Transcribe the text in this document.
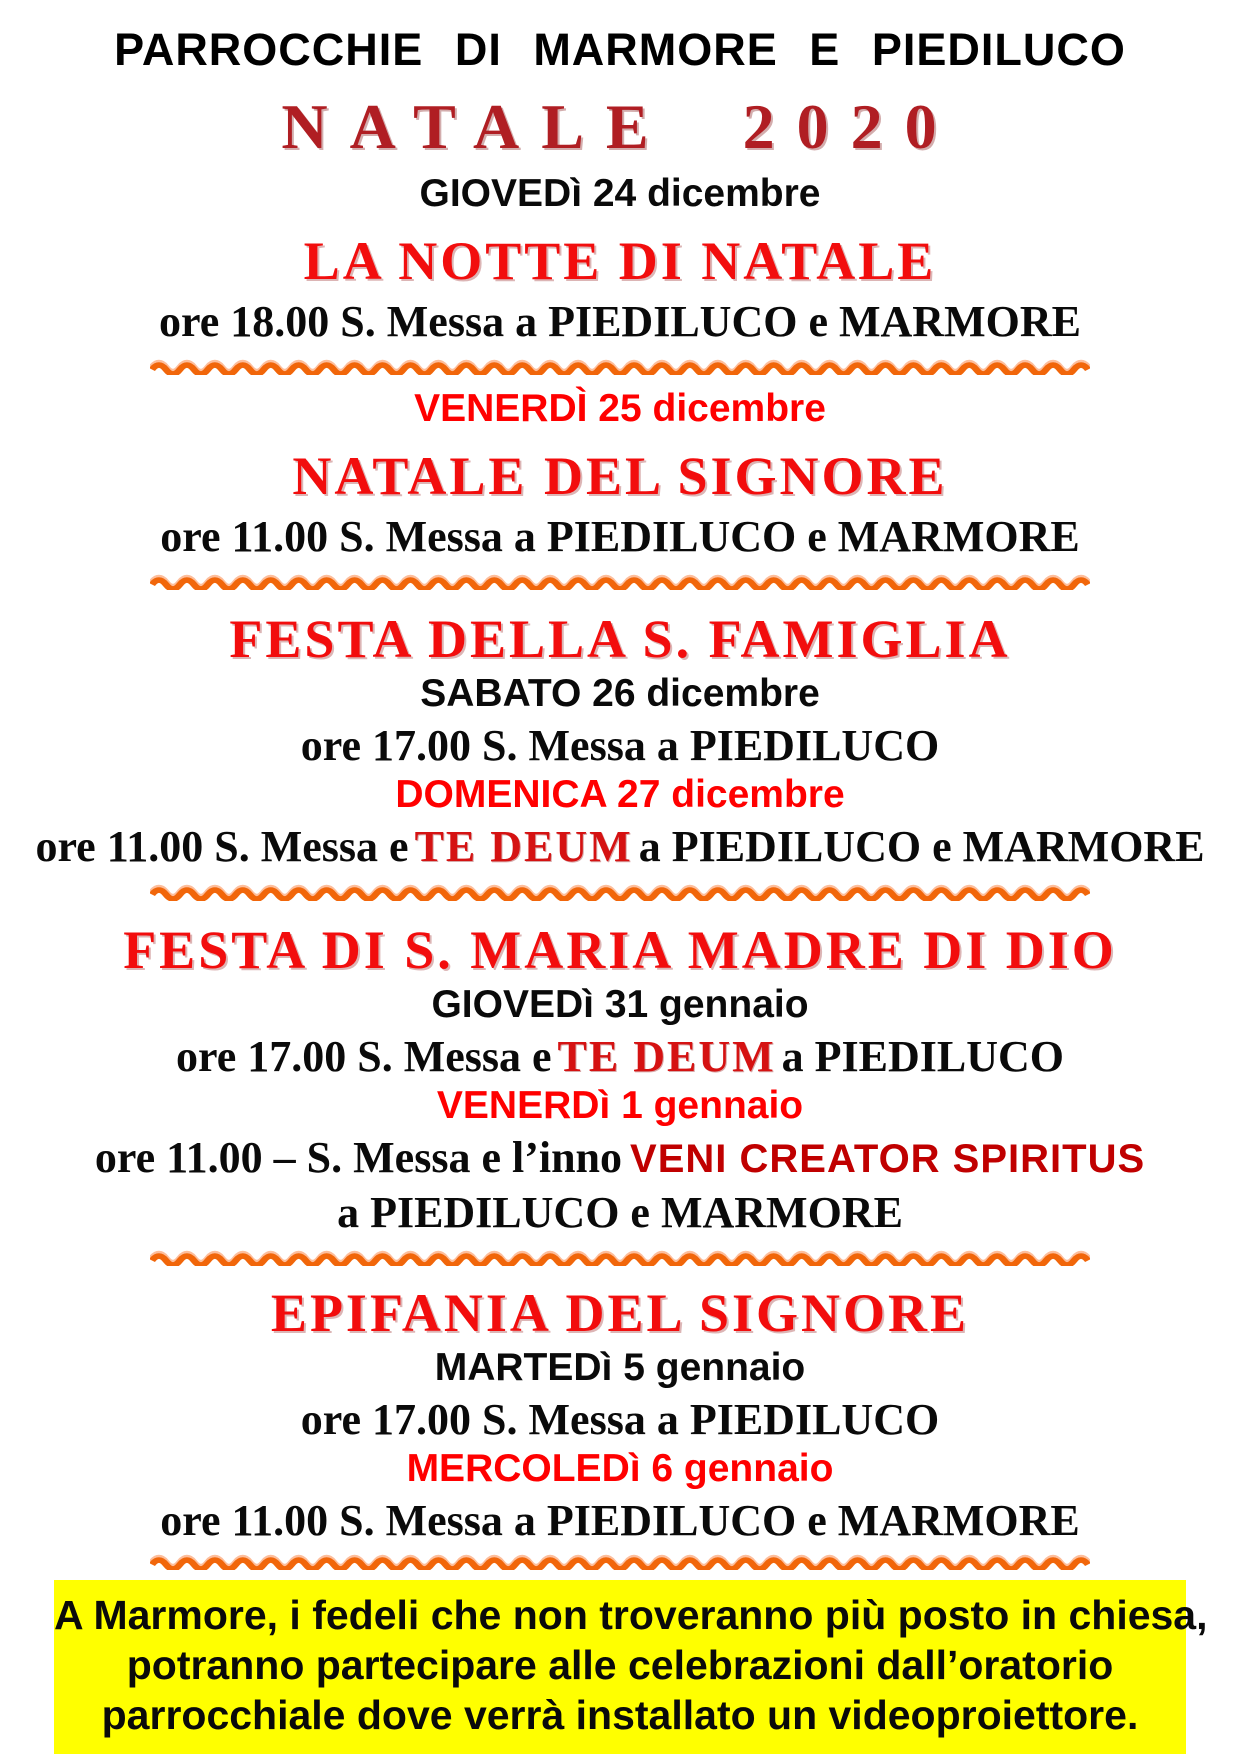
PARROCCHIE DI MARMORE E PIEDILUCO
NATALE 2020
GIOVEDì 24 dicembre
LA NOTTE DI NATALE
ore 18.00 S. Messa a PIEDILUCO e MARMORE
VENERDÌ 25 dicembre
NATALE DEL SIGNORE
ore 11.00 S. Messa a PIEDILUCO e MARMORE
FESTA DELLA S. FAMIGLIA
SABATO 26 dicembre
ore 17.00 S. Messa a PIEDILUCO
DOMENICA 27 dicembre
ore 11.00 S. Messa e TE DEUM a PIEDILUCO e MARMORE
FESTA DI S. MARIA MADRE DI DIO
GIOVEDì 31 gennaio
ore 17.00 S. Messa e TE DEUM a PIEDILUCO
VENERDì 1 gennaio
ore 11.00 – S. Messa e l’inno VENI CREATOR SPIRITUS
a PIEDILUCO e MARMORE
EPIFANIA DEL SIGNORE
MARTEDì 5 gennaio
ore 17.00 S. Messa a PIEDILUCO
MERCOLEDì 6 gennaio
ore 11.00 S. Messa a PIEDILUCO e MARMORE
A Marmore, i fedeli che non troveranno più posto in chiesa,
potranno partecipare alle celebrazioni dall’oratorio
parrocchiale dove verrà installato un videoproiettore.
